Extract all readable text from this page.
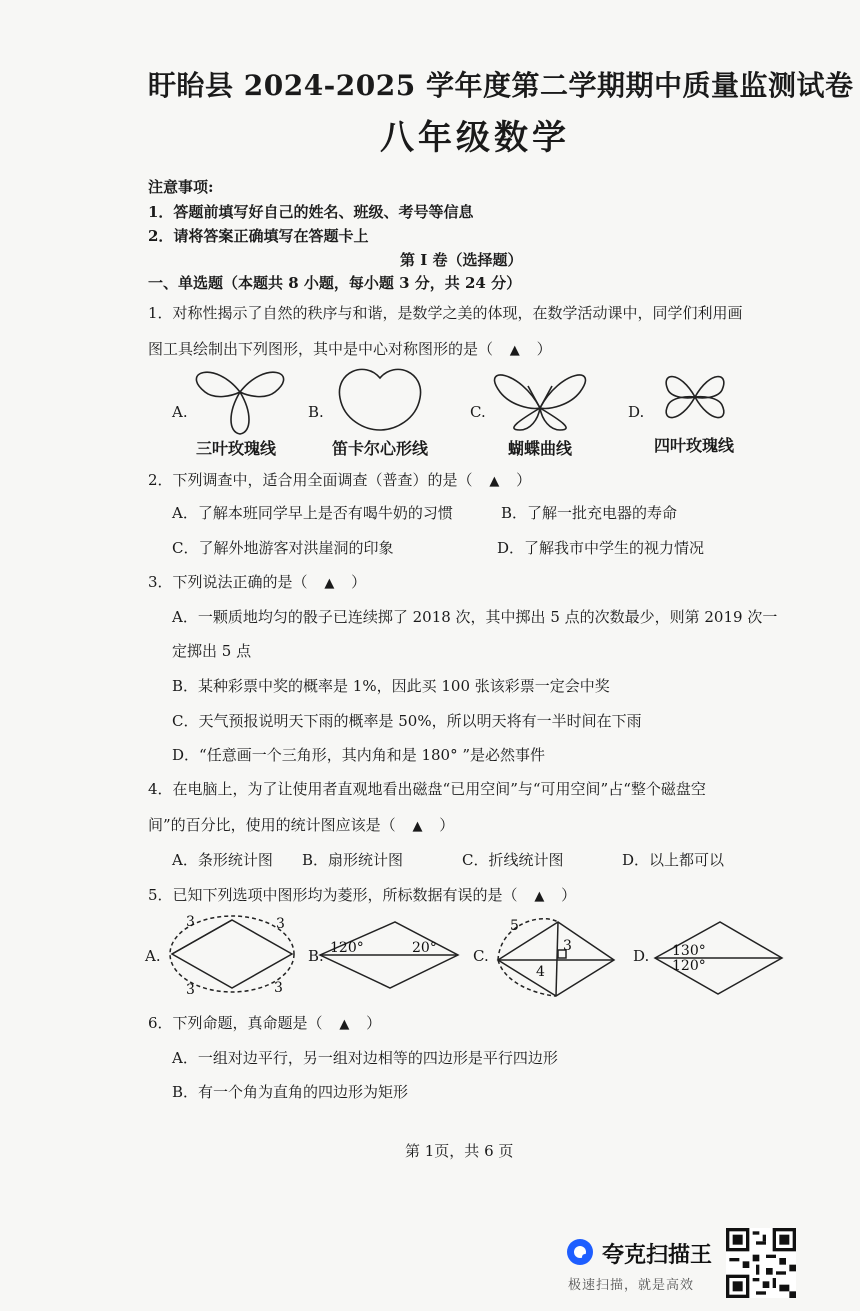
盱眙县 2024-2025 学年度第二学期期中质量监测试卷
八年级数学
注意事项:
1．答题前填写好自己的姓名、班级、考号等信息
2．请将答案正确填写在答题卡上
第 I 卷（选择题）
一、单选题（本题共 8 小题，每小题 3 分，共 24 分）
1．对称性揭示了自然的秩序与和谐，是数学之美的体现，在数学活动课中，同学们利用画
图工具绘制出下列图形，其中是中心对称图形的是（ ▲ ）
A.	B.	C.	D.
三叶玫瑰线	笛卡尔心形线	蝴蝶曲线	四叶玫瑰线
2．下列调查中，适合用全面调查（普查）的是（ ▲ ）
A．了解本班同学早上是否有喝牛奶的习惯	B．了解一批充电器的寿命
C．了解外地游客对洪崖洞的印象	D．了解我市中学生的视力情况
3．下列说法正确的是（ ▲ ）
A．一颗质地均匀的骰子已连续掷了 2018 次，其中掷出 5 点的次数最少，则第 2019 次一
定掷出 5 点
B．某种彩票中奖的概率是 1%，因此买 100 张该彩票一定会中奖
C．天气预报说明天下雨的概率是 50%，所以明天将有一半时间在下雨
D．“任意画一个三角形，其内角和是 180° ”是必然事件
4．在电脑上，为了让使用者直观地看出磁盘“已用空间”与“可用空间”占“整个磁盘空
间”的百分比，使用的统计图应该是（ ▲ ）
A．条形统计图 B．扇形统计图	C．折线统计图	D．以上都可以
5．已知下列选项中图形均为菱形，所标数据有误的是（ ▲ ）
A.	B.	C.	D.
3	3
3	3
120°	20°
5
3
4
130°
120°
6．下列命题，真命题是（ ▲ ）
A．一组对边平行，另一组对边相等的四边形是平行四边形
B．有一个角为直角的四边形为矩形
第 1页，共 6 页
夸克扫描王
极速扫描，就是高效
